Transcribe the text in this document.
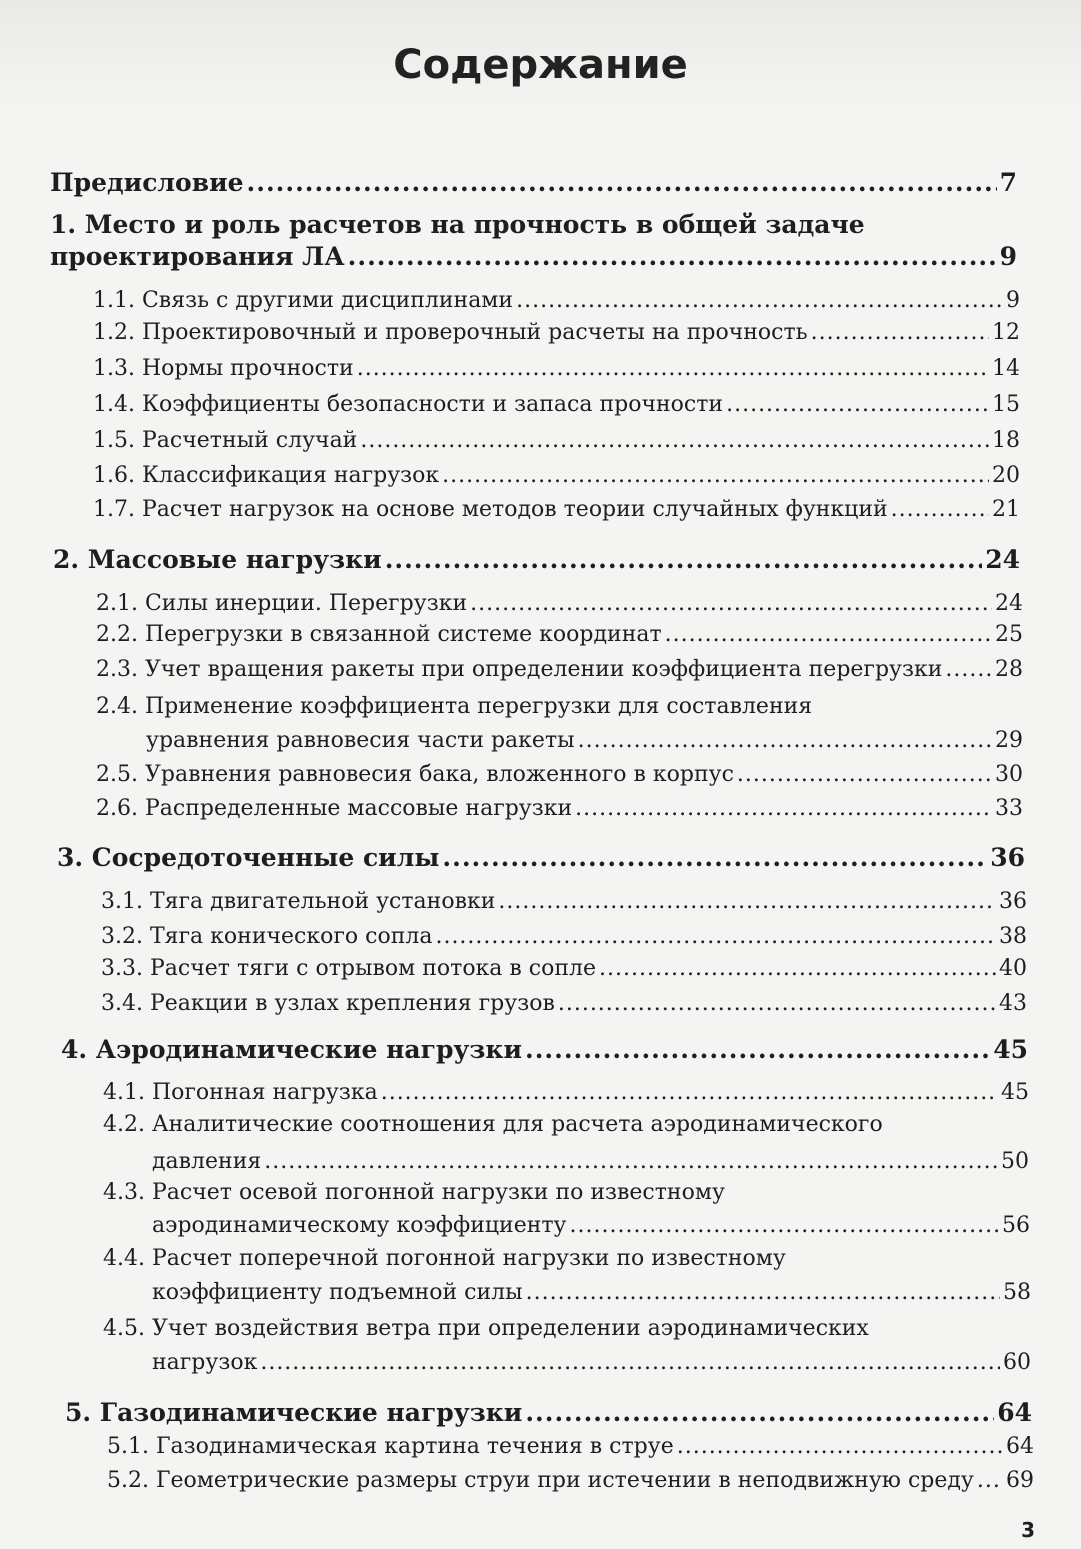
Содержание
Предисловие .....	7
1. Место и роль расчетов на прочность в общей задаче
проектирования ЛА .....	9
1.1. Связь с другими дисциплинами .....	9
1.2. Проектировочный и проверочный расчеты на прочность .....	12
1.3. Нормы прочности .....	14
1.4. Коэффициенты безопасности и запаса прочности .....	15
1.5. Расчетный случай .....	18
1.6. Классификация нагрузок .....	20
1.7. Расчет нагрузок на основе методов теории случайных функций .....	21
2. Массовые нагрузки .....	24
2.1. Силы инерции. Перегрузки .....	24
2.2. Перегрузки в связанной системе координат .....	25
2.3. Учет вращения ракеты при определении коэффициента перегрузки ..... 28
2.4. Применение коэффициента перегрузки для составления
уравнения равновесия части ракеты .....	29
2.5. Уравнения равновесия бака, вложенного в корпус .....	30
2.6. Распределенные массовые нагрузки .....	33
3. Сосредоточенные силы .....	36
3.1. Тяга двигательной установки .....	36
3.2. Тяга конического сопла .....	38
3.3. Расчет тяги с отрывом потока в сопле .....	40
3.4. Реакции в узлах крепления грузов .....	43
4. Аэродинамические нагрузки .....	45
4.1. Погонная нагрузка .....	45
4.2. Аналитические соотношения для расчета аэродинамического
давления .....	50
4.3. Расчет осевой погонной нагрузки по известному
аэродинамическому коэффициенту .....	56
4.4. Расчет поперечной погонной нагрузки по известному
коэффициенту подъемной силы .....	58
4.5. Учет воздействия ветра при определении аэродинамических
нагрузок .....	60
5. Газодинамические нагрузки .....	64
5.1. Газодинамическая картина течения в струе .....	64
5.2. Геометрические размеры струи при истечении в неподвижную среду ..... 69
3
